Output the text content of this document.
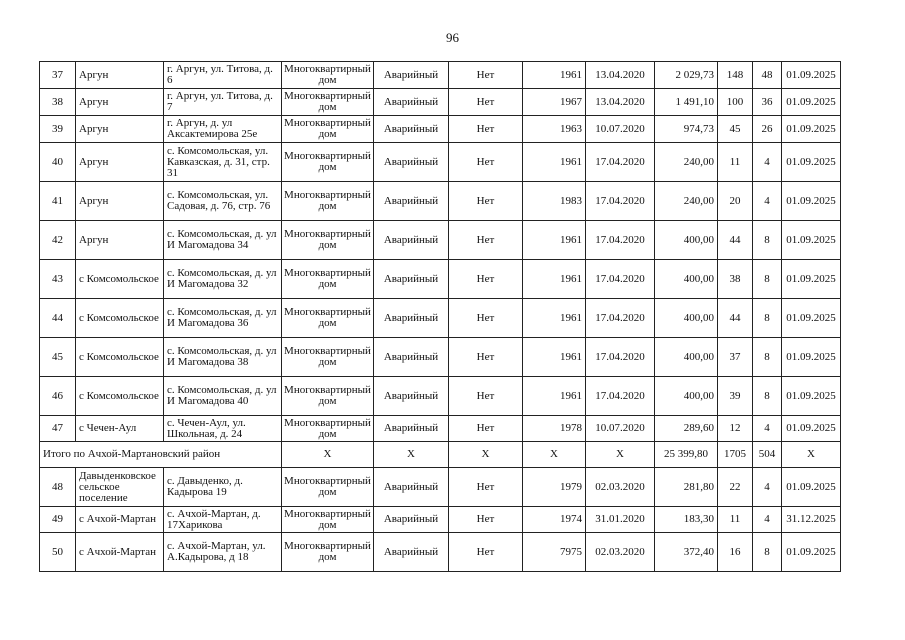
96
37	Аргун	г. Аргун, ул. Титова, д. 6	Многоквартирный дом	Аварийный	Нет	1961	13.04.2020	2 029,73	148	48	01.09.2025
38	Аргун	г. Аргун, ул. Титова, д. 7	Многоквартирный дом	Аварийный	Нет	1967	13.04.2020	1 491,10	100	36	01.09.2025
39	Аргун	г. Аргун, д. ул Аксактемирова 25е	Многоквартирный дом	Аварийный	Нет	1963	10.07.2020	974,73	45	26	01.09.2025
40	Аргун	с. Комсомольская, ул. Кавказская, д. 31, стр. 31	Многоквартирный дом	Аварийный	Нет	1961	17.04.2020	240,00	11	4	01.09.2025
41	Аргун	с. Комсомольская, ул. Садовая, д. 76, стр. 76	Многоквартирный дом	Аварийный	Нет	1983	17.04.2020	240,00	20	4	01.09.2025
42	Аргун	с. Комсомольская, д. ул И Магомадова 34	Многоквартирный дом	Аварийный	Нет	1961	17.04.2020	400,00	44	8	01.09.2025
43	с Комсомольское	с. Комсомольская, д. ул И Магомадова 32	Многоквартирный дом	Аварийный	Нет	1961	17.04.2020	400,00	38	8	01.09.2025
44	с Комсомольское	с. Комсомольская, д. ул И Магомадова 36	Многоквартирный дом	Аварийный	Нет	1961	17.04.2020	400,00	44	8	01.09.2025
45	с Комсомольское	с. Комсомольская, д. ул И Магомадова 38	Многоквартирный дом	Аварийный	Нет	1961	17.04.2020	400,00	37	8	01.09.2025
46	с Комсомольское	с. Комсомольская, д. ул И Магомадова 40	Многоквартирный дом	Аварийный	Нет	1961	17.04.2020	400,00	39	8	01.09.2025
47	с Чечен-Аул	с. Чечен-Аул, ул. Школьная, д. 24	Многоквартирный дом	Аварийный	Нет	1978	10.07.2020	289,60	12	4	01.09.2025
Итого по Ачхой-Мартановский район			Х	Х	Х	Х	Х	25 399,80	1705	504	Х
48	Давыденковское сельское поселение	с. Давыденко, д. Кадырова 19	Многоквартирный дом	Аварийный	Нет	1979	02.03.2020	281,80	22	4	01.09.2025
49	с Ачхой-Мартан	с. Ачхой-Мартан, д. 17Харикова	Многоквартирный дом	Аварийный	Нет	1974	31.01.2020	183,30	11	4	31.12.2025
50	с Ачхой-Мартан	с. Ачхой-Мартан, ул. А.Кадырова, д 18	Многоквартирный дом	Аварийный	Нет	7975	02.03.2020	372,40	16	8	01.09.2025
